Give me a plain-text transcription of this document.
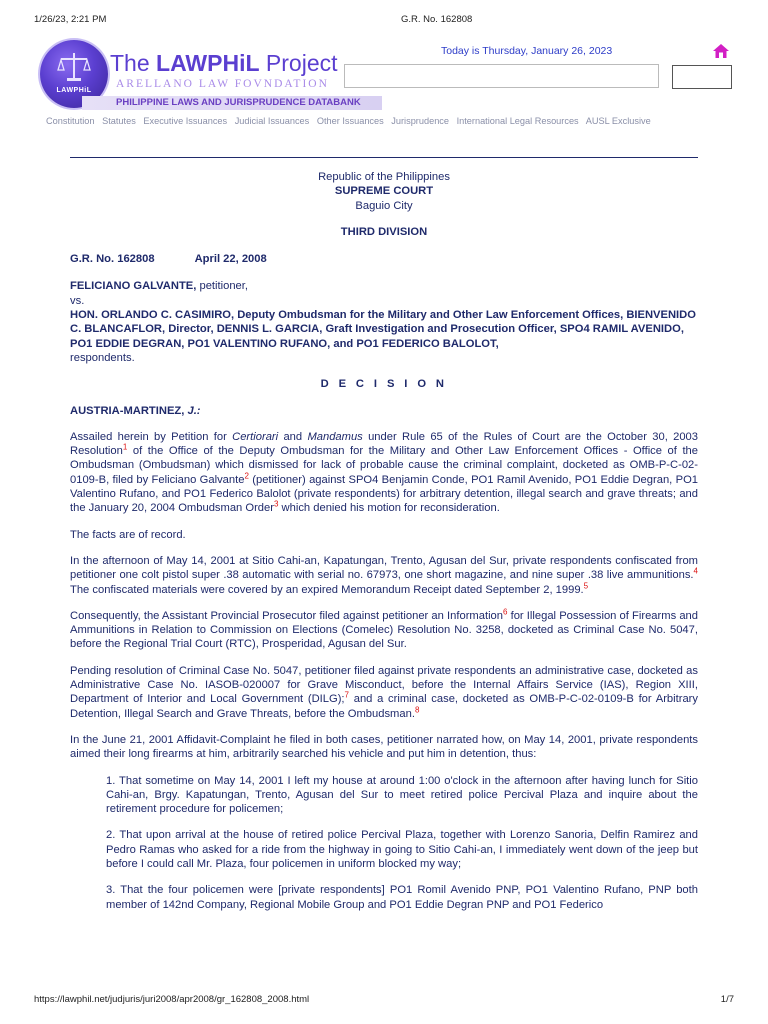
1/26/23, 2:21 PM	G.R. No. 162808
LAWPHiL
The LAWPHiL Project
ARELLANO LAW FOVNDATION
PHILIPPINE LAWS AND JURISPRUDENCE DATABANK
Today is Thursday, January 26, 2023
Constitution Statutes Executive Issuances Judicial Issuances Other Issuances Jurisprudence International Legal Resources AUSL Exclusive
Republic of the Philippines
SUPREME COURT
Baguio City
THIRD DIVISION
G.R. No. 162808	April 22, 2008
FELICIANO GALVANTE, petitioner,
vs.
HON. ORLANDO C. CASIMIRO, Deputy Ombudsman for the Military and Other Law Enforcement Offices, BIENVENIDO C. BLANCAFLOR, Director, DENNIS L. GARCIA, Graft Investigation and Prosecution Officer, SPO4 RAMIL AVENIDO, PO1 EDDIE DEGRAN, PO1 VALENTINO RUFANO, and PO1 FEDERICO BALOLOT,
respondents.
D E C I S I O N
AUSTRIA-MARTINEZ, J.:

Assailed herein by Petition for Certiorari and Mandamus under Rule 65 of the Rules of Court are the October 30, 2003 Resolution$^1$ of the Office of the Deputy Ombudsman for the Military and Other Law Enforcement Offices - Office of the Ombudsman (Ombudsman) which dismissed for lack of probable cause the criminal complaint, docketed as OMB-P-C-02-0109-B, filed by Feliciano Galvante$^2$ (petitioner) against SPO4 Benjamin Conde, PO1 Ramil Avenido, PO1 Eddie Degran, PO1 Valentino Rufano, and PO1 Federico Balolot (private respondents) for arbitrary detention, illegal search and grave threats; and the January 20, 2004 Ombudsman Order$^3$ which denied his motion for reconsideration.

The facts are of record.

In the afternoon of May 14, 2001 at Sitio Cahi-an, Kapatungan, Trento, Agusan del Sur, private respondents confiscated from petitioner one colt pistol super .38 automatic with serial no. 67973, one short magazine, and nine super .38 live ammunitions.$^4$ The confiscated materials were covered by an expired Memorandum Receipt dated September 2, 1999.$^5$

Consequently, the Assistant Provincial Prosecutor filed against petitioner an Information$^6$ for Illegal Possession of Firearms and Ammunitions in Relation to Commission on Elections (Comelec) Resolution No. 3258, docketed as Criminal Case No. 5047, before the Regional Trial Court (RTC), Prosperidad, Agusan del Sur.

Pending resolution of Criminal Case No. 5047, petitioner filed against private respondents an administrative case, docketed as Administrative Case No. IASOB-020007 for Grave Misconduct, before the Internal Affairs Service (IAS), Region XIII, Department of Interior and Local Government (DILG);$^7$ and a criminal case, docketed as OMB-P-C-02-0109-B for Arbitrary Detention, Illegal Search and Grave Threats, before the Ombudsman.$^8$

In the June 21, 2001 Affidavit-Complaint he filed in both cases, petitioner narrated how, on May 14, 2001, private respondents aimed their long firearms at him, arbitrarily searched his vehicle and put him in detention, thus:

1. That sometime on May 14, 2001 I left my house at around 1:00 o'clock in the afternoon after having lunch for Sitio Cahi-an, Brgy. Kapatungan, Trento, Agusan del Sur to meet retired police Percival Plaza and inquire about the retirement procedure for policemen;

2. That upon arrival at the house of retired police Percival Plaza, together with Lorenzo Sanoria, Delfin Ramirez and Pedro Ramas who asked for a ride from the highway in going to Sitio Cahi-an, I immediately went down of the jeep but before I could call Mr. Plaza, four policemen in uniform blocked my way;

3. That the four policemen were [private respondents] PO1 Romil Avenido PNP, PO1 Valentino Rufano, PNP both member of 142nd Company, Regional Mobile Group and PO1 Eddie Degran PNP and PO1 Federico

https://lawphil.net/judjuris/juri2008/apr2008/gr_162808_2008.html	1/7
